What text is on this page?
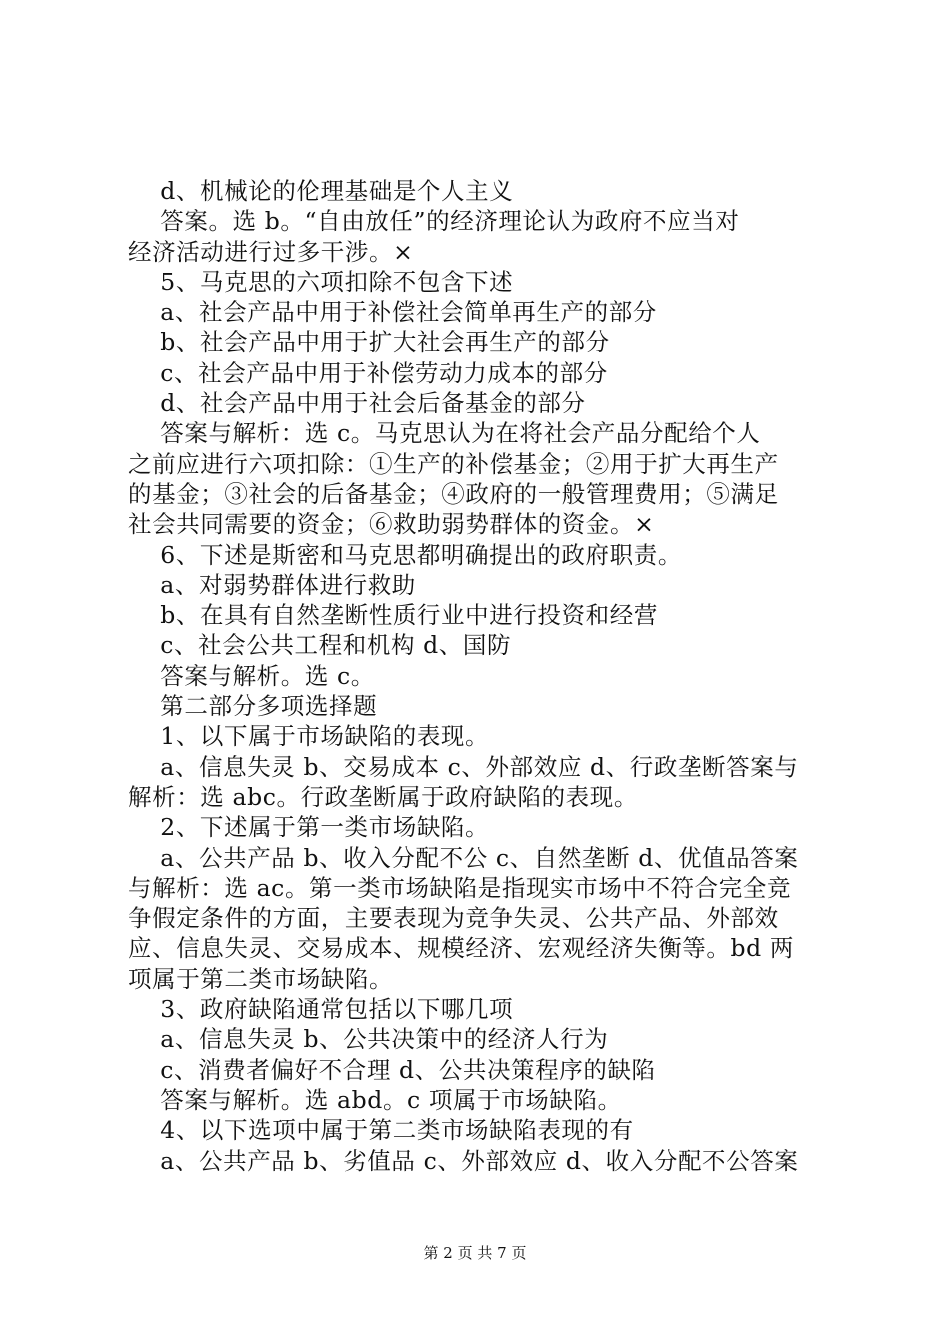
d、机械论的伦理基础是个人主义
答案。选 b。“自由放任”的经济理论认为政府不应当对
经济活动进行过多干涉。×
5、马克思的六项扣除不包含下述
a、社会产品中用于补偿社会简单再生产的部分
b、社会产品中用于扩大社会再生产的部分
c、社会产品中用于补偿劳动力成本的部分
d、社会产品中用于社会后备基金的部分
答案与解析：选 c。马克思认为在将社会产品分配给个人
之前应进行六项扣除：①生产的补偿基金；②用于扩大再生产
的基金；③社会的后备基金；④政府的一般管理费用；⑤满足
社会共同需要的资金；⑥救助弱势群体的资金。×
6、下述是斯密和马克思都明确提出的政府职责。
a、对弱势群体进行救助
b、在具有自然垄断性质行业中进行投资和经营
c、社会公共工程和机构 d、国防
答案与解析。选 c。
第二部分多项选择题
1、以下属于市场缺陷的表现。
a、信息失灵 b、交易成本 c、外部效应 d、行政垄断答案与
解析：选 abc。行政垄断属于政府缺陷的表现。
2、下述属于第一类市场缺陷。
a、公共产品 b、收入分配不公 c、自然垄断 d、优值品答案
与解析：选 ac。第一类市场缺陷是指现实市场中不符合完全竞
争假定条件的方面，主要表现为竞争失灵、公共产品、外部效
应、信息失灵、交易成本、规模经济、宏观经济失衡等。bd 两
项属于第二类市场缺陷。
3、政府缺陷通常包括以下哪几项
a、信息失灵 b、公共决策中的经济人行为
c、消费者偏好不合理 d、公共决策程序的缺陷
答案与解析。选 abd。c 项属于市场缺陷。
4、以下选项中属于第二类市场缺陷表现的有
a、公共产品 b、劣值品 c、外部效应 d、收入分配不公答案
第 2 页 共 7 页
